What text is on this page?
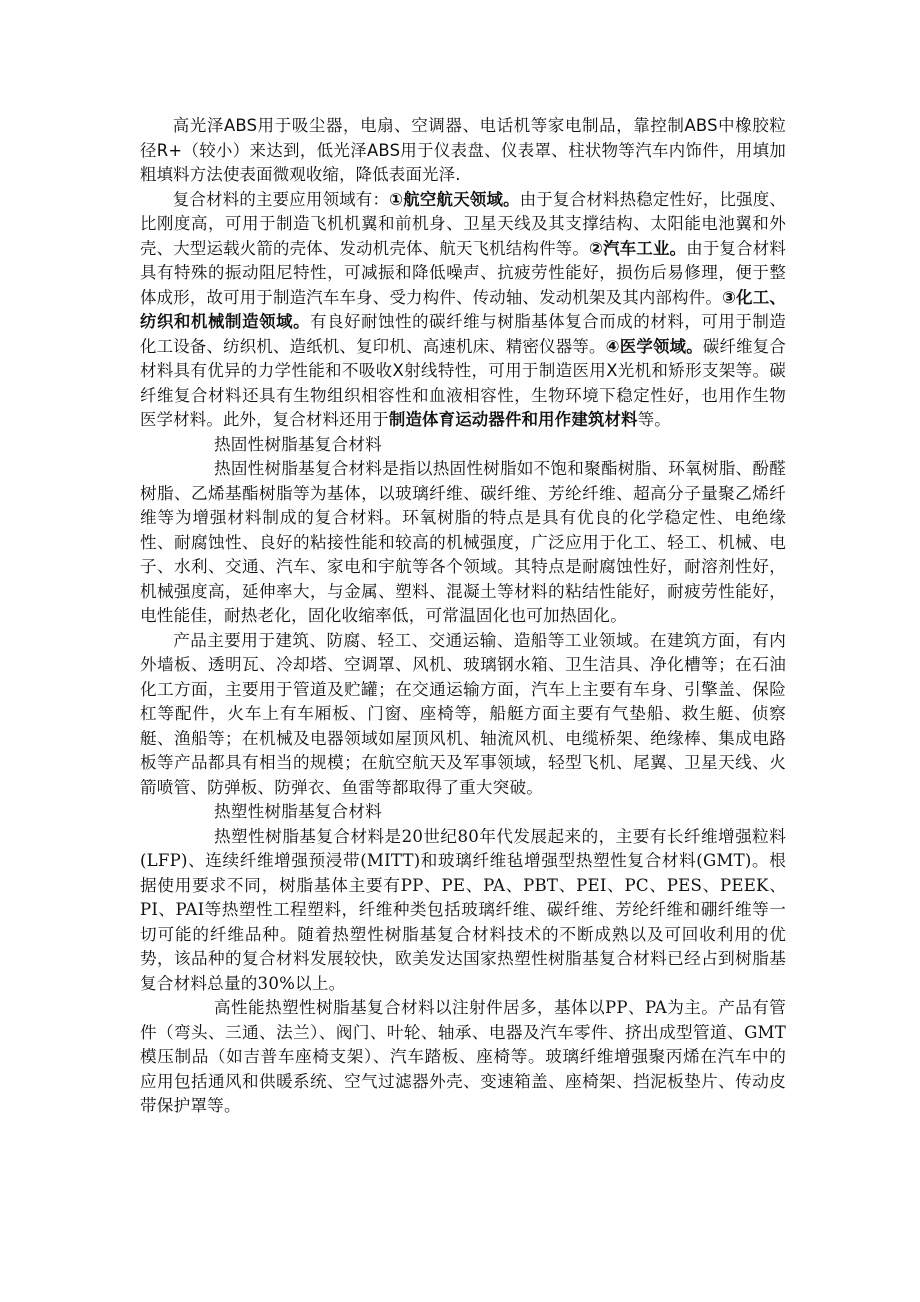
高光泽ABS用于吸尘器，电扇、空调器、电话机等家电制品，靠控制ABS中橡胶粒径R+（较小）来达到，低光泽ABS用于仪表盘、仪表罩、柱状物等汽车内饰件，用填加粗填料方法使表面微观收缩，降低表面光泽.

复合材料的主要应用领域有：①航空航天领域。由于复合材料热稳定性好，比强度、比刚度高，可用于制造飞机机翼和前机身、卫星天线及其支撑结构、太阳能电池翼和外壳、大型运载火箭的壳体、发动机壳体、航天飞机结构件等。②汽车工业。由于复合材料具有特殊的振动阻尼特性，可减振和降低噪声、抗疲劳性能好，损伤后易修理，便于整体成形，故可用于制造汽车车身、受力构件、传动轴、发动机架及其内部构件。③化工、纺织和机械制造领域。有良好耐蚀性的碳纤维与树脂基体复合而成的材料，可用于制造化工设备、纺织机、造纸机、复印机、高速机床、精密仪器等。④医学领域。碳纤维复合材料具有优异的力学性能和不吸收X射线特性，可用于制造医用X光机和矫形支架等。碳纤维复合材料还具有生物组织相容性和血液相容性，生物环境下稳定性好，也用作生物医学材料。此外，复合材料还用于制造体育运动器件和用作建筑材料等。

热固性树脂基复合材料

热固性树脂基复合材料是指以热固性树脂如不饱和聚酯树脂、环氧树脂、酚醛树脂、乙烯基酯树脂等为基体，以玻璃纤维、碳纤维、芳纶纤维、超高分子量聚乙烯纤维等为增强材料制成的复合材料。环氧树脂的特点是具有优良的化学稳定性、电绝缘性、耐腐蚀性、良好的粘接性能和较高的机械强度，广泛应用于化工、轻工、机械、电子、水利、交通、汽车、家电和宇航等各个领域。其特点是耐腐蚀性好，耐溶剂性好，机械强度高，延伸率大，与金属、塑料、混凝土等材料的粘结性能好，耐疲劳性能好，电性能佳，耐热老化，固化收缩率低，可常温固化也可加热固化。

产品主要用于建筑、防腐、轻工、交通运输、造船等工业领域。在建筑方面，有内外墙板、透明瓦、冷却塔、空调罩、风机、玻璃钢水箱、卫生洁具、净化槽等；在石油化工方面，主要用于管道及贮罐；在交通运输方面，汽车上主要有车身、引擎盖、保险杠等配件，火车上有车厢板、门窗、座椅等，船艇方面主要有气垫船、救生艇、侦察艇、渔船等；在机械及电器领域如屋顶风机、轴流风机、电缆桥架、绝缘棒、集成电路板等产品都具有相当的规模；在航空航天及军事领域，轻型飞机、尾翼、卫星天线、火箭喷管、防弹板、防弹衣、鱼雷等都取得了重大突破。

热塑性树脂基复合材料

热塑性树脂基复合材料是20世纪80年代发展起来的，主要有长纤维增强粒料(LFP)、连续纤维增强预浸带(MITT)和玻璃纤维毡增强型热塑性复合材料(GMT)。根据使用要求不同，树脂基体主要有PP、PE、PA、PBT、PEI、PC、PES、PEEK、PI、PAI等热塑性工程塑料，纤维种类包括玻璃纤维、碳纤维、芳纶纤维和硼纤维等一切可能的纤维品种。随着热塑性树脂基复合材料技术的不断成熟以及可回收利用的优势，该品种的复合材料发展较快，欧美发达国家热塑性树脂基复合材料已经占到树脂基复合材料总量的30%以上。

高性能热塑性树脂基复合材料以注射件居多，基体以PP、PA为主。产品有管件（弯头、三通、法兰）、阀门、叶轮、轴承、电器及汽车零件、挤出成型管道、GMT模压制品（如吉普车座椅支架）、汽车踏板、座椅等。玻璃纤维增强聚丙烯在汽车中的应用包括通风和供暖系统、空气过滤器外壳、变速箱盖、座椅架、挡泥板垫片、传动皮带保护罩等。
